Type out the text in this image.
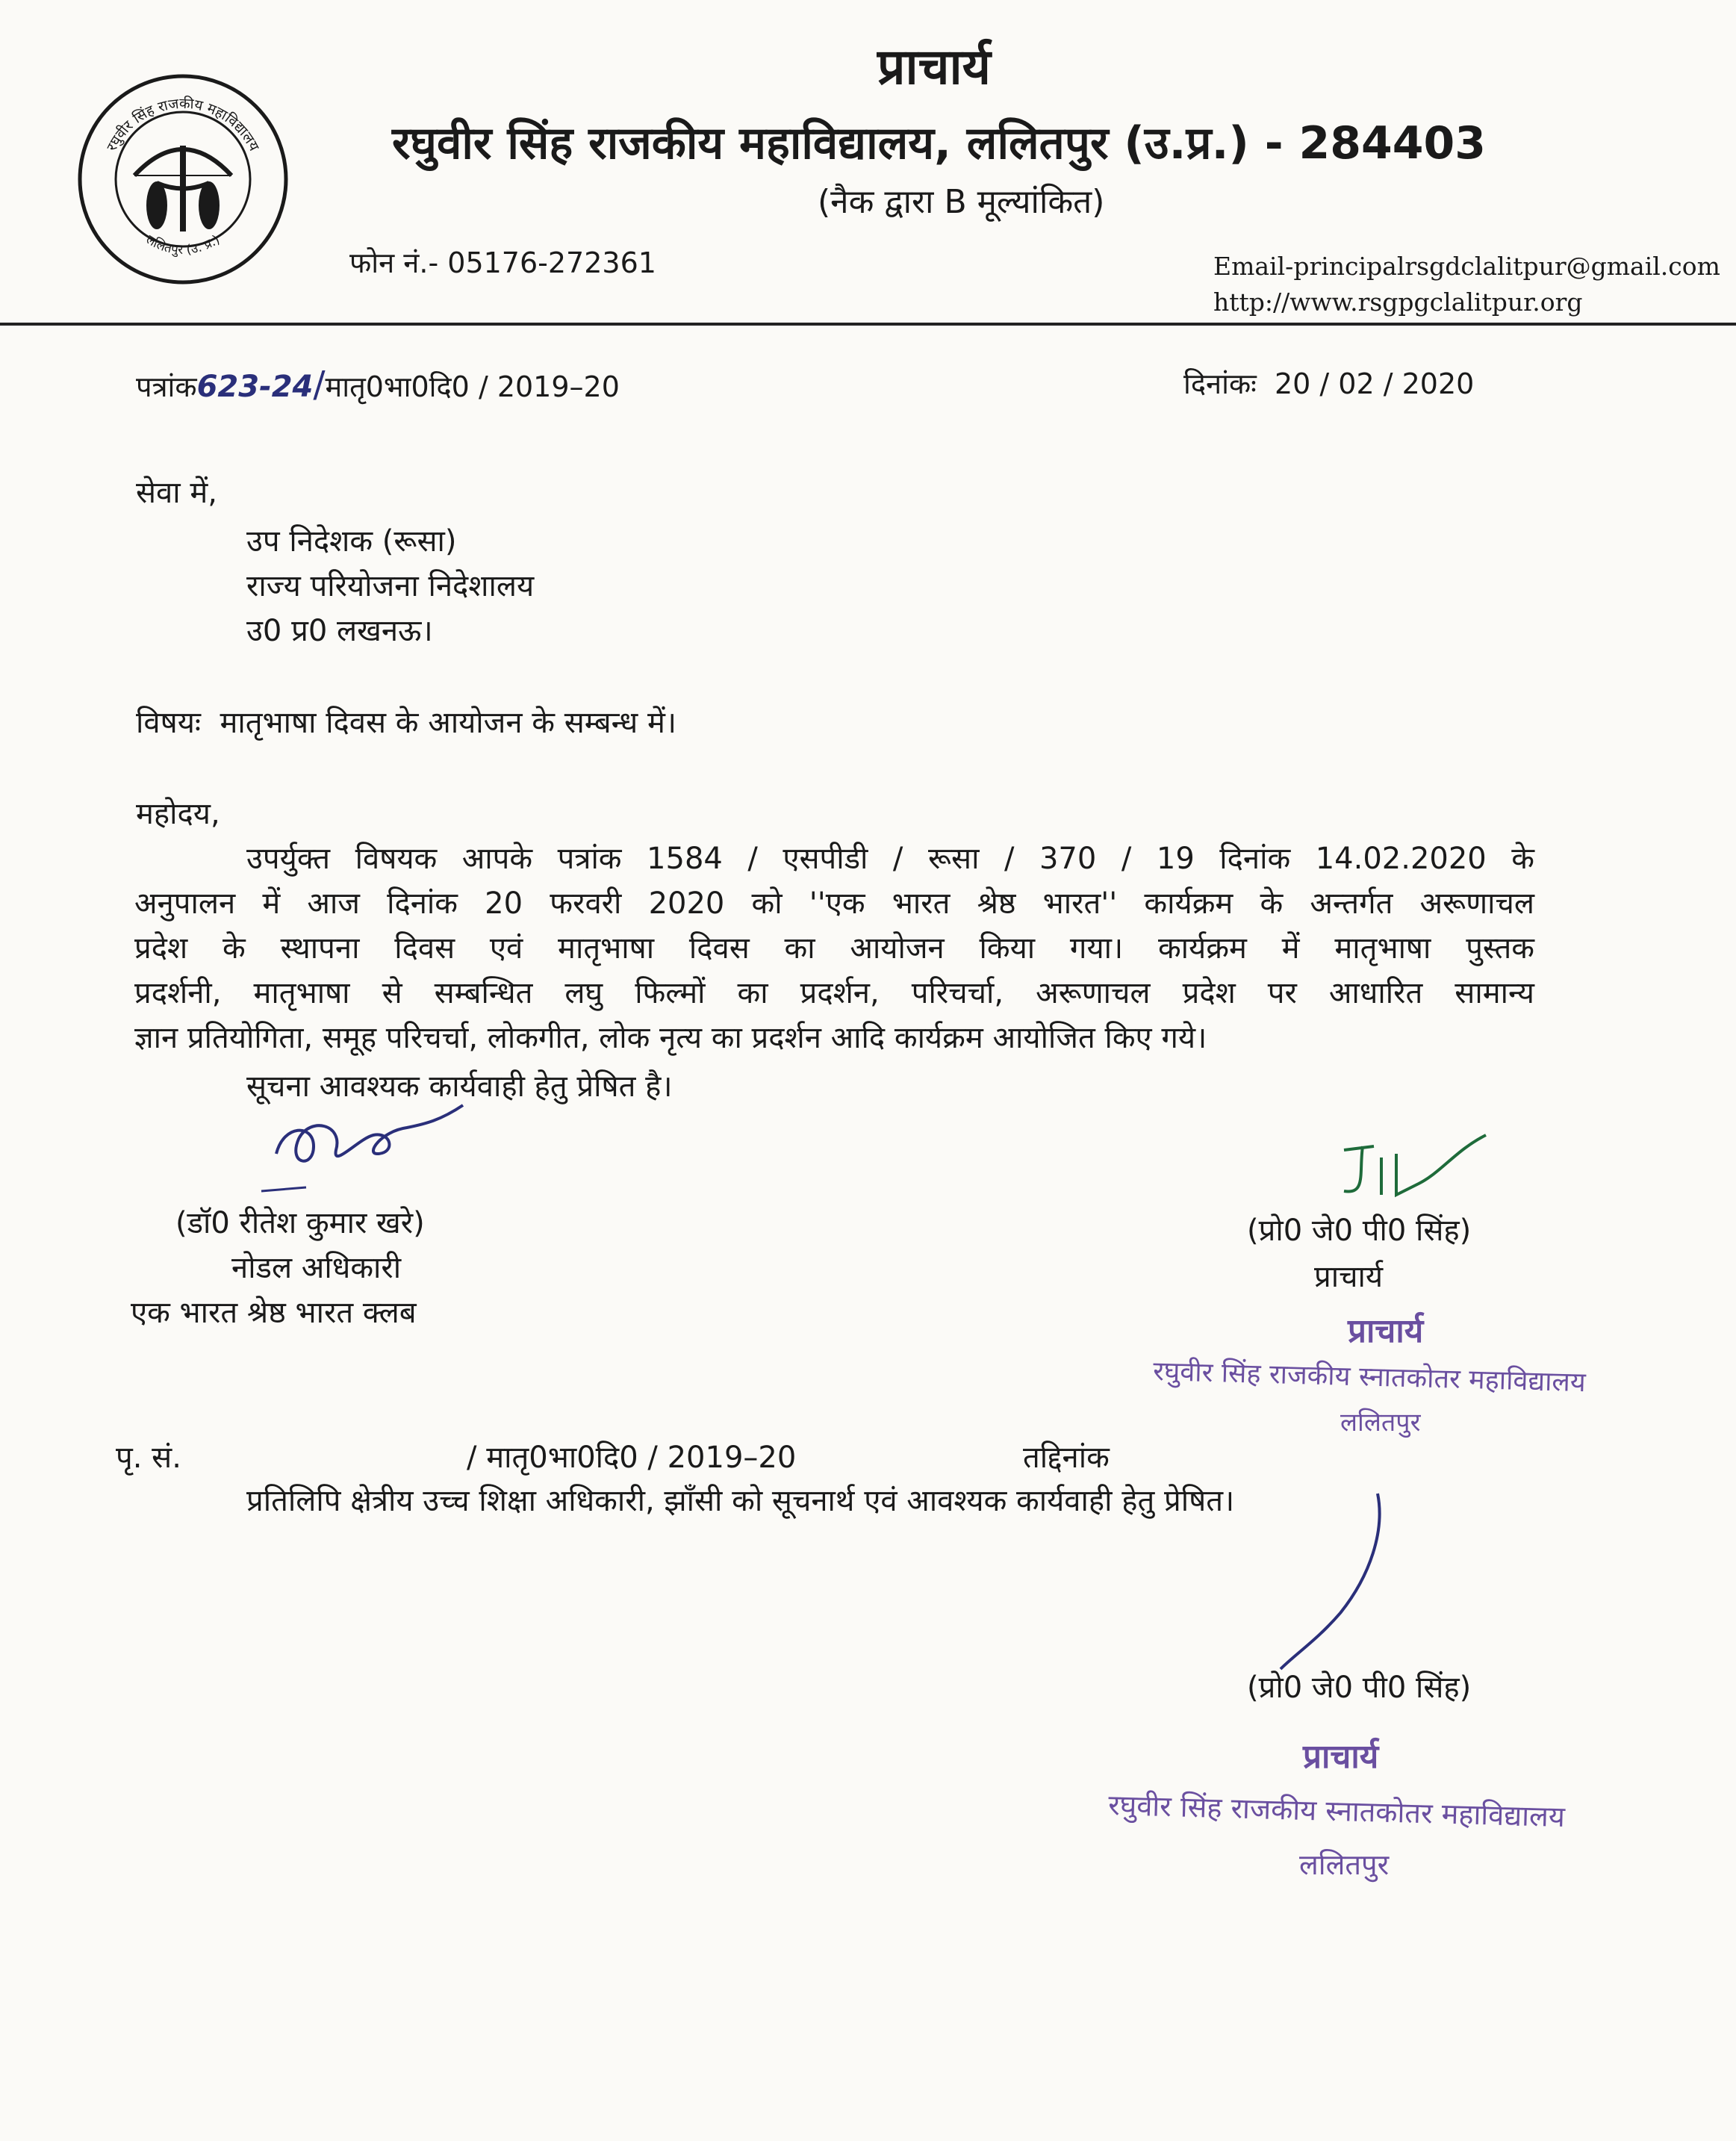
रघुवीर सिंह राजकीय महाविद्यालय
ललितपुर (उ. प्र.)
प्राचार्य
रघुवीर सिंह राजकीय महाविद्यालय, ललितपुर (उ.प्र.) - 284403
(नैक द्वारा B मूल्यांकित)
फोन नं.- 05176-272361	Email-principalrsgdclalitpur@gmail.com
http://www.rsgpgclalitpur.org
पत्रांक623-24/मातृ0भा0दि0 / 2019–20	दिनांकः 20 / 02 / 2020
सेवा में,
उप निदेशक (रूसा)
राज्य परियोजना निदेशालय
उ0 प्र0 लखनऊ।
विषयः मातृभाषा दिवस के आयोजन के सम्बन्ध में।
महोदय,
उपर्युक्त विषयक आपके पत्रांक 1584 / एसपीडी / रूसा / 370 / 19 दिनांक 14.02.2020 के
अनुपालन में आज दिनांक 20 फरवरी 2020 को ''एक भारत श्रेष्ठ भारत'' कार्यक्रम के अन्तर्गत अरूणाचल
प्रदेश के स्थापना दिवस एवं मातृभाषा दिवस का आयोजन किया गया। कार्यक्रम में मातृभाषा पुस्तक
प्रदर्शनी, मातृभाषा से सम्बन्धित लघु फिल्मों का प्रदर्शन, परिचर्चा, अरूणाचल प्रदेश पर आधारित सामान्य
ज्ञान प्रतियोगिता, समूह परिचर्चा, लोकगीत, लोक नृत्य का प्रदर्शन आदि कार्यक्रम आयोजित किए गये।
सूचना आवश्यक कार्यवाही हेतु प्रेषित है।
(डॉ0 रीतेश कुमार खरे)
नोडल अधिकारी
एक भारत श्रेष्ठ भारत क्लब
(प्रो0 जे0 पी0 सिंह)
प्राचार्य
प्राचार्य
रघुवीर सिंह राजकीय स्नातकोतर महाविद्यालय
ललितपुर
पृ. सं.	/ मातृ0भा0दि0 / 2019–20	तद्दिनांक
प्रतिलिपि क्षेत्रीय उच्च शिक्षा अधिकारी, झाँसी को सूचनार्थ एवं आवश्यक कार्यवाही हेतु प्रेषित।
(प्रो0 जे0 पी0 सिंह)
प्राचार्य
रघुवीर सिंह राजकीय स्नातकोतर महाविद्यालय
ललितपुर
